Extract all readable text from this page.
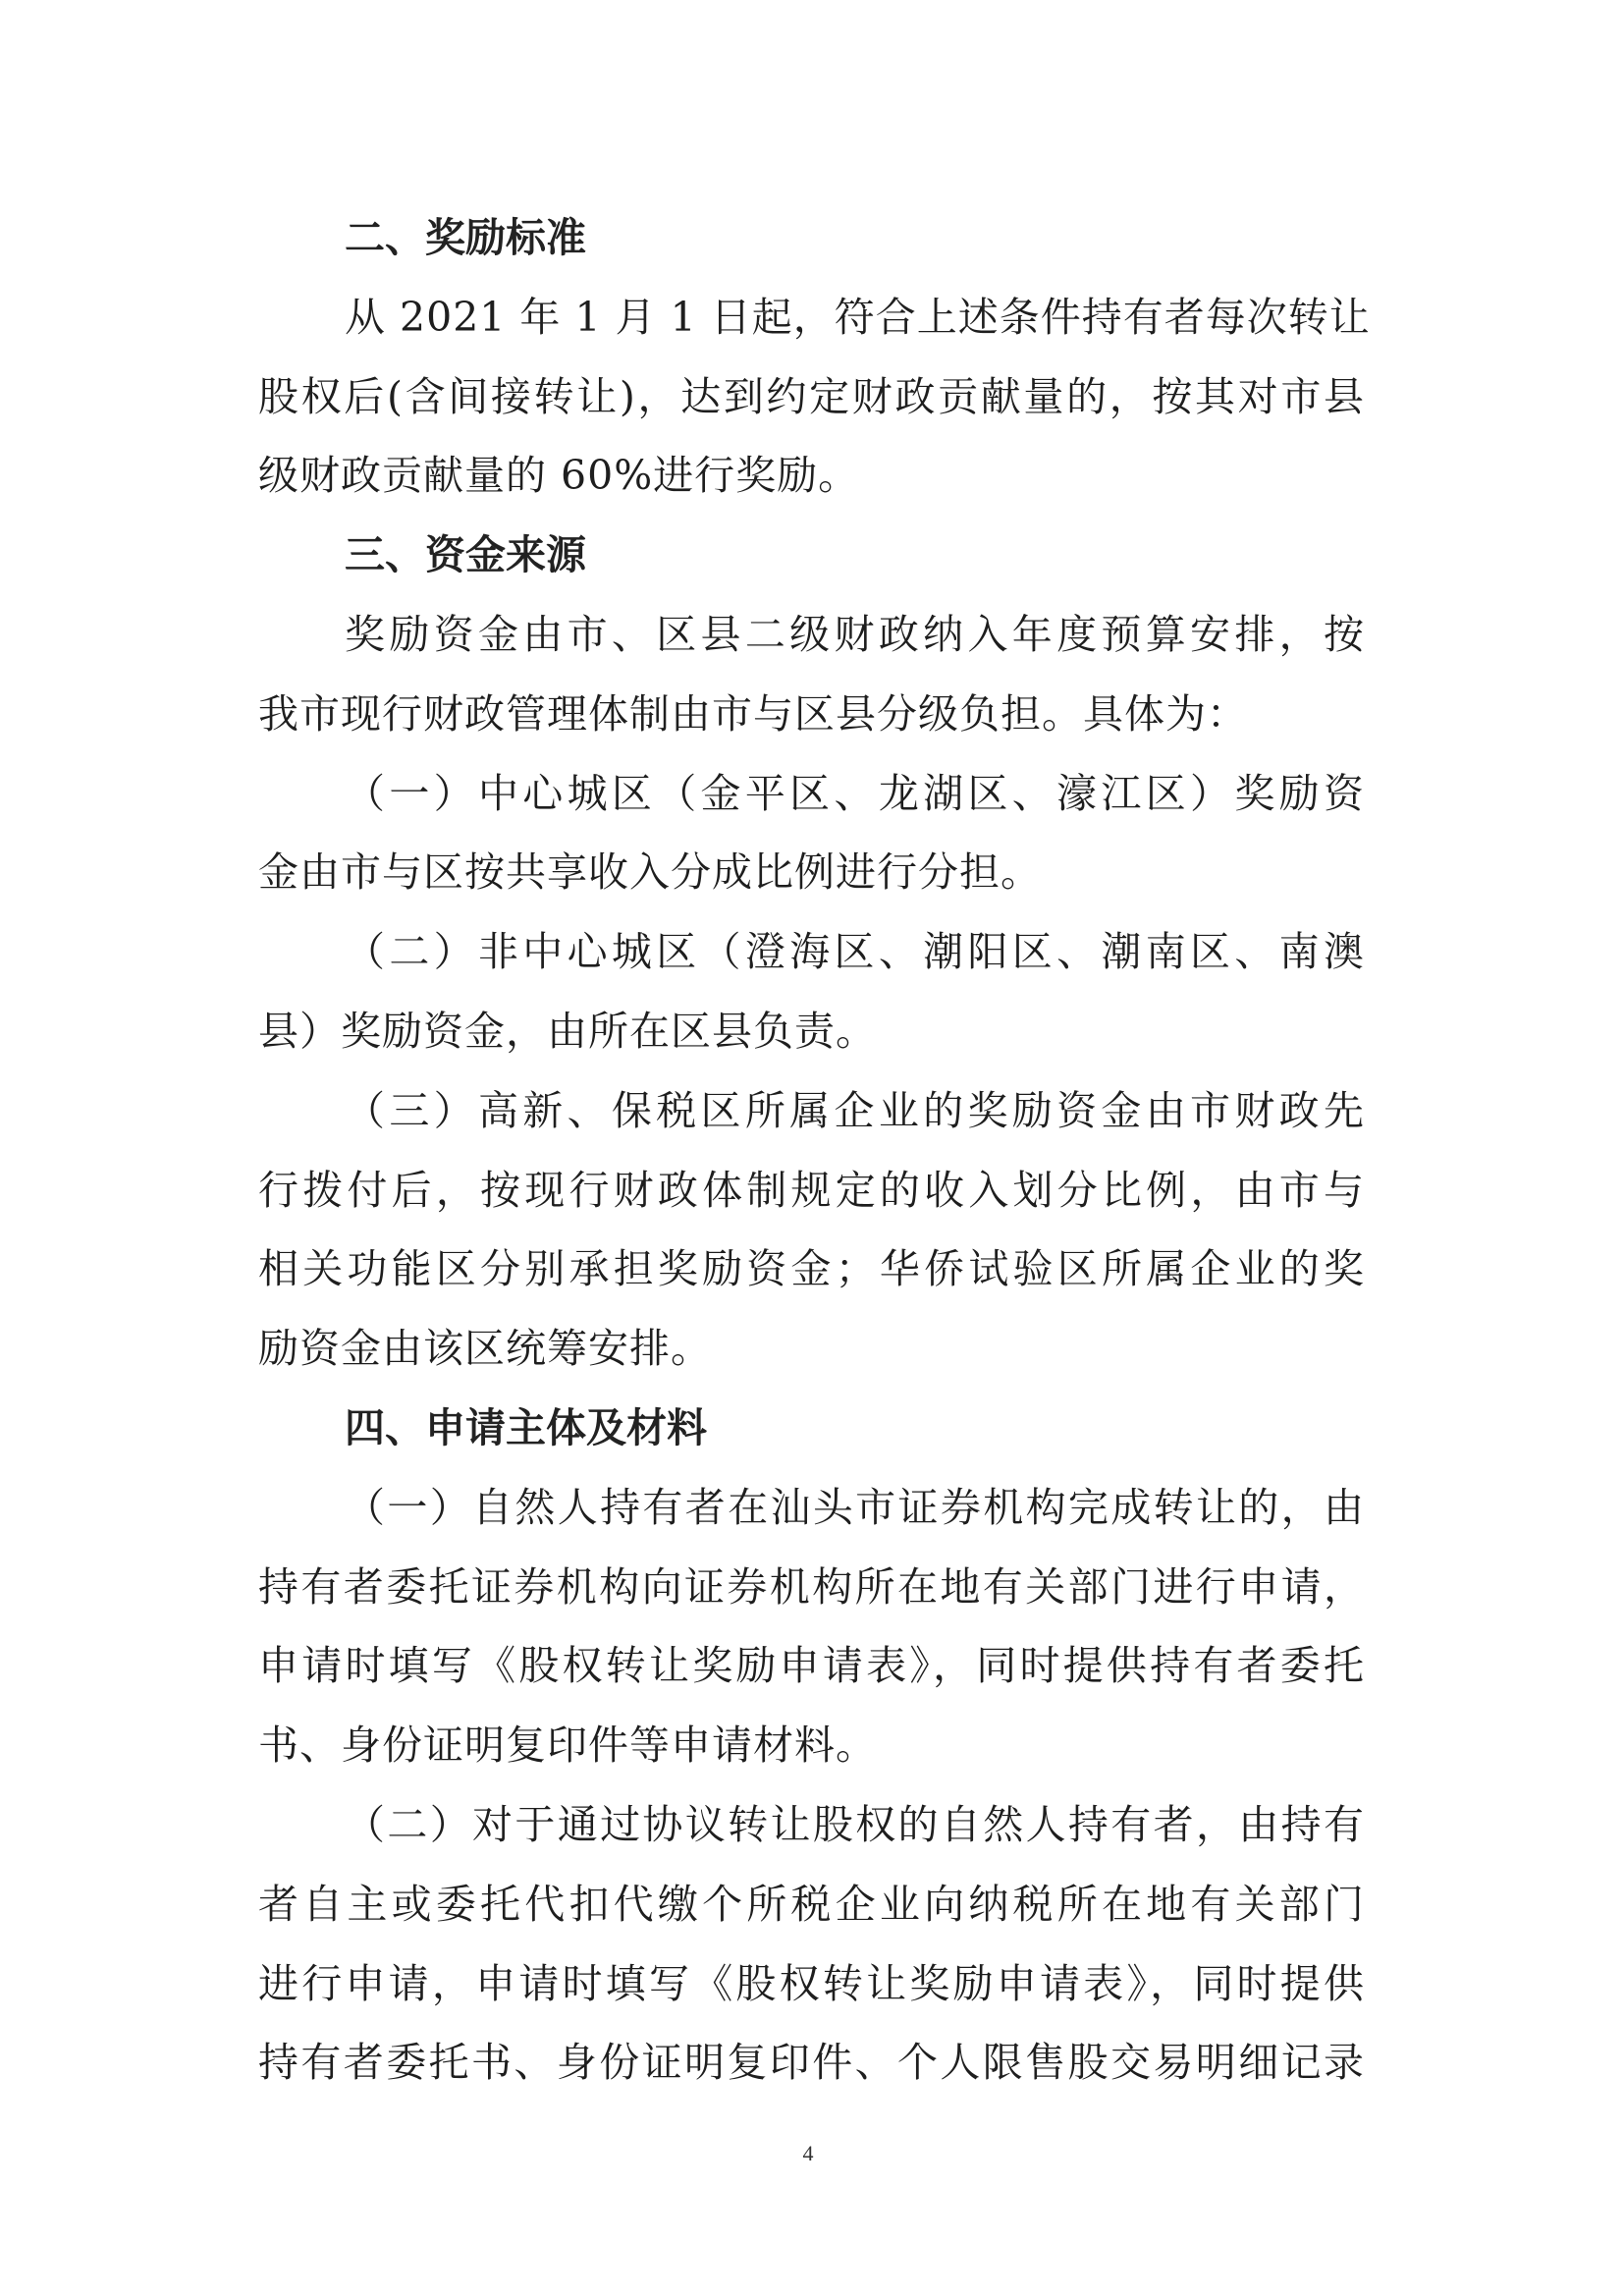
二、奖励标准
从 2021 年 1 月 1 日起，符合上述条件持有者每次转让
股权后(含间接转让)，达到约定财政贡献量的，按其对市县
级财政贡献量的 60%进行奖励。
三、资金来源
奖励资金由市、区县二级财政纳入年度预算安排，按
我市现行财政管理体制由市与区县分级负担。具体为：
（一）中心城区（金平区、龙湖区、濠江区）奖励资
金由市与区按共享收入分成比例进行分担。
（二）非中心城区（澄海区、潮阳区、潮南区、南澳
县）奖励资金，由所在区县负责。
（三）高新、保税区所属企业的奖励资金由市财政先
行拨付后，按现行财政体制规定的收入划分比例，由市与
相关功能区分别承担奖励资金；华侨试验区所属企业的奖
励资金由该区统筹安排。
四、申请主体及材料
（一）自然人持有者在汕头市证券机构完成转让的，由
持有者委托证券机构向证券机构所在地有关部门进行申请，
申请时填写《股权转让奖励申请表》，同时提供持有者委托
书、身份证明复印件等申请材料。
（二）对于通过协议转让股权的自然人持有者，由持有
者自主或委托代扣代缴个所税企业向纳税所在地有关部门
进行申请，申请时填写《股权转让奖励申请表》，同时提供
持有者委托书、身份证明复印件、个人限售股交易明细记录
4
